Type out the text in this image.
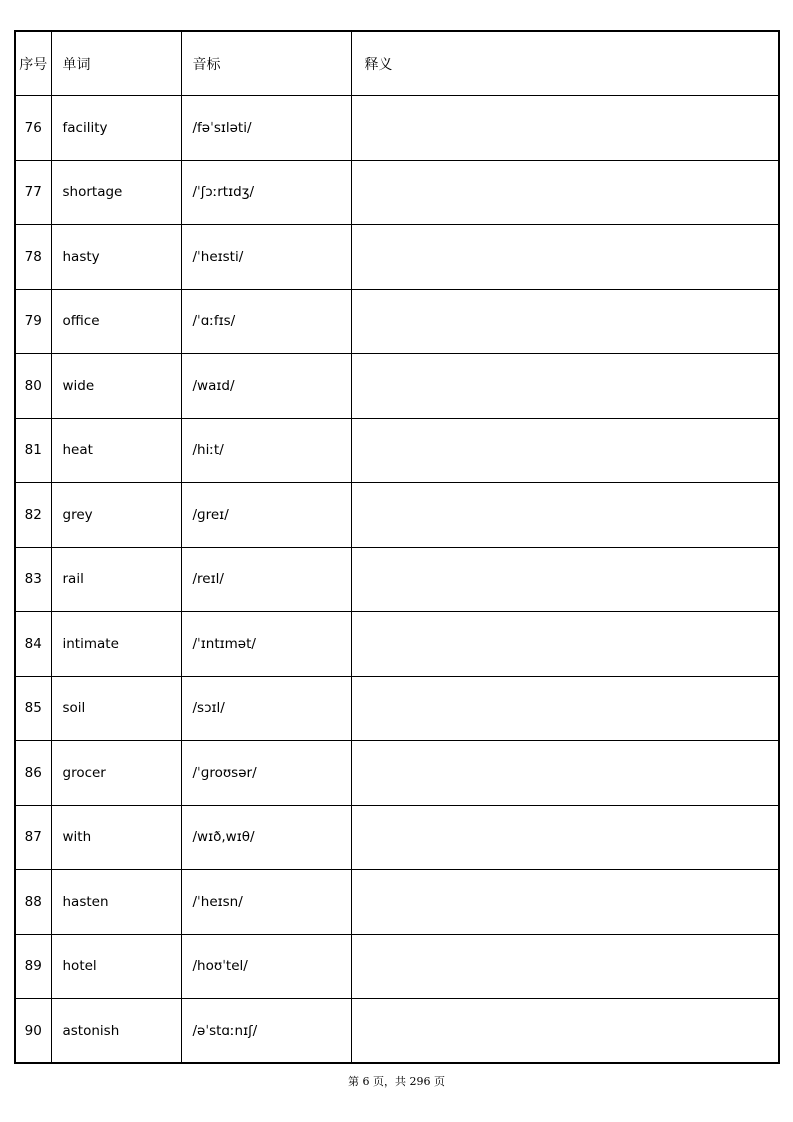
序号	单词	音标	释义
76	facility	/fəˈsɪləti/	
77	shortage	/ˈʃɔːrtɪdʒ/	
78	hasty	/ˈheɪsti/	
79	office	/ˈɑːfɪs/	
80	wide	/waɪd/	
81	heat	/hiːt/	
82	grey	/ɡreɪ/	
83	rail	/reɪl/	
84	intimate	/ˈɪntɪmət/	
85	soil	/sɔɪl/	
86	grocer	/ˈɡroʊsər/	
87	with	/wɪð,wɪθ/	
88	hasten	/ˈheɪsn/	
89	hotel	/hoʊˈtel/	
90	astonish	/əˈstɑːnɪʃ/	
第 6 页，共 296 页
